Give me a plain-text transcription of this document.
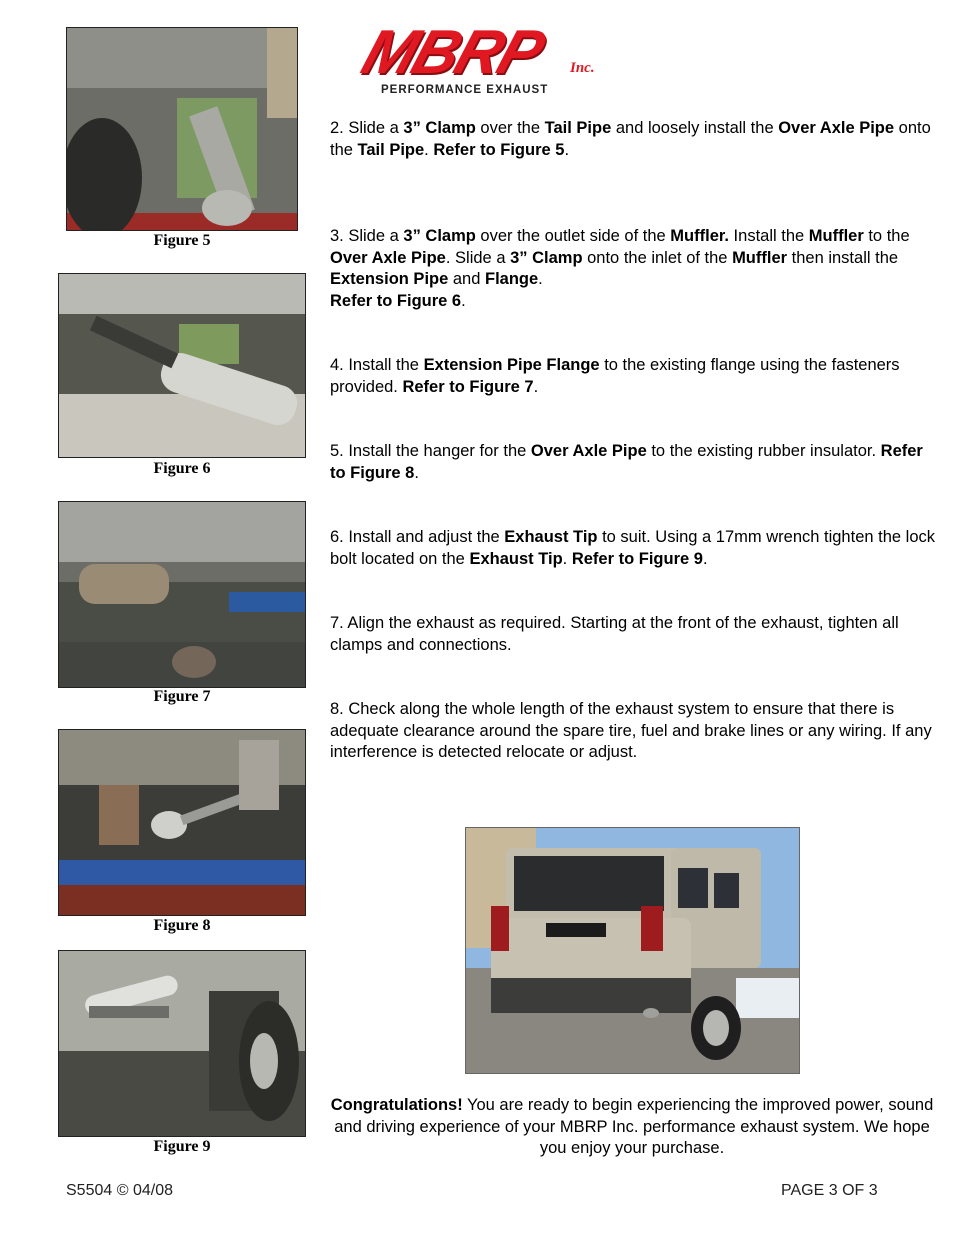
MBRP	Inc.
PERFORMANCE EXHAUST
Figure 5
Figure 6
Figure 7
Figure 8
Figure 9
2. Slide a 3” Clamp over the Tail Pipe and loosely install the Over Axle Pipe onto the Tail Pipe. Refer to Figure 5.
3. Slide a 3” Clamp over the outlet side of the Muffler. Install the Muffler to the Over Axle Pipe. Slide a 3” Clamp onto the inlet of the Muffler then install the Extension Pipe and Flange.
Refer to Figure 6.
4. Install the Extension Pipe Flange to the existing flange using the fasteners provided. Refer to Figure 7.
5. Install the hanger for the Over Axle Pipe to the existing rubber insulator. Refer to Figure 8.
6. Install and adjust the Exhaust Tip to suit. Using a 17mm wrench tighten the lock bolt located on the Exhaust Tip. Refer to Figure 9.
7. Align the exhaust as required. Starting at the front of the exhaust, tighten all clamps and connections.
8. Check along the whole length of the exhaust system to ensure that there is adequate clearance around the spare tire, fuel and brake lines or any wiring. If any interference is detected relocate or adjust.
Congratulations! You are ready to begin experiencing the improved power, sound and driving experience of your MBRP Inc. performance exhaust system. We hope you enjoy your purchase.
S5504 © 04/08	PAGE 3 OF 3
